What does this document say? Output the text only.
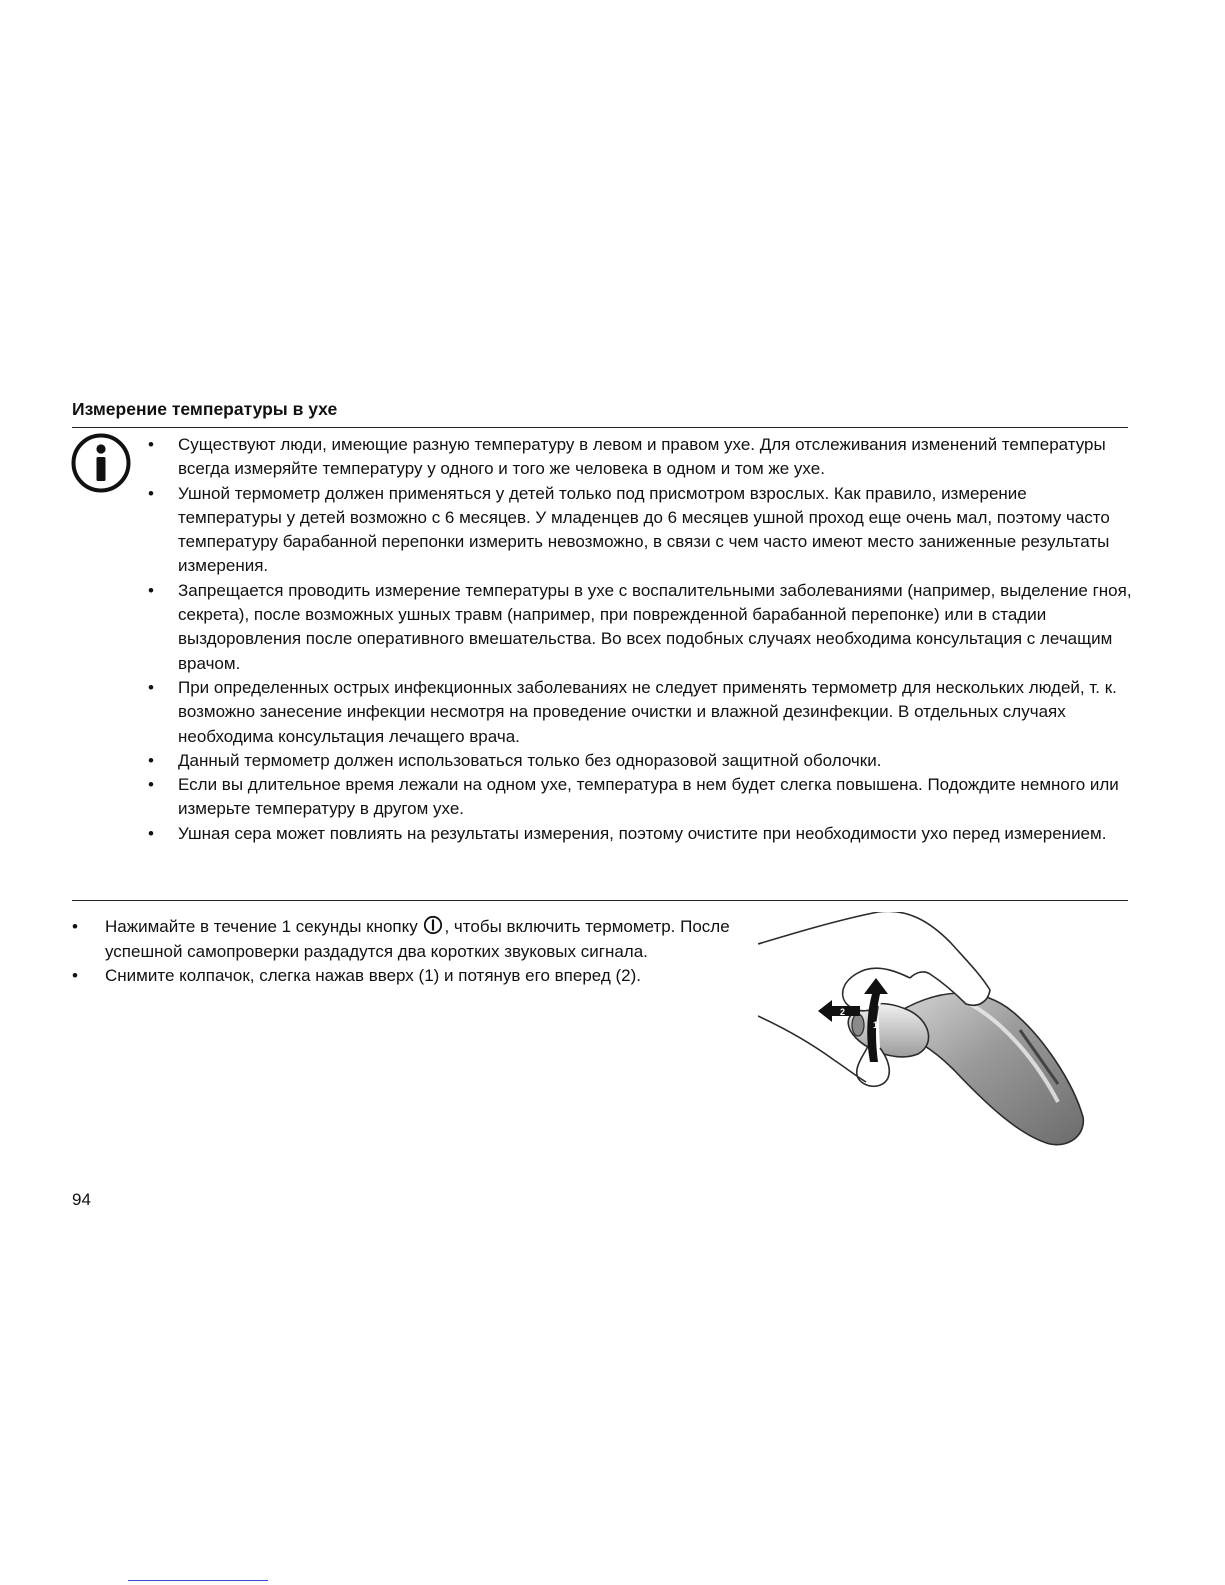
Измерение температуры в ухе
• Существуют люди, имеющие разную температуру в левом и правом ухе. Для отслеживания изменений температуры всегда измеряйте температуру у одного и того же человека в одном и том же ухе.
• Ушной термометр должен применяться у детей только под присмотром взрослых. Как правило, измерение температуры у детей возможно с 6 месяцев. У младенцев до 6 месяцев ушной проход еще очень мал, поэтому часто температуру барабанной перепонки измерить невозможно, в связи с чем часто имеют место заниженные результаты измерения.
• Запрещается проводить измерение температуры в ухе с воспалительными заболеваниями (например, выделение гноя, секрета), после возможных ушных травм (например, при поврежденной барабанной перепонке) или в стадии выздоровления после оперативного вмешательства. Во всех подобных случаях необходима консультация с лечащим врачом.
• При определенных острых инфекционных заболеваниях не следует применять термометр для нескольких людей, т. к. возможно занесение инфекции несмотря на проведение очистки и влажной дезинфекции. В отдельных случаях необходима консультация лечащего врача.
• Данный термометр должен использоваться только без одноразовой защитной оболочки.
• Если вы длительное время лежали на одном ухе, температура в нем будет слегка повышена. Подождите немного или измерьте температуру в другом ухе.
• Ушная сера может повлиять на результаты измерения, поэтому очистите при необходимости ухо перед измерением.
• Нажимайте в течение 1 секунды кнопку , чтобы включить термометр. После успешной самопроверки раздадутся два коротких звуковых сигнала.
• Снимите колпачок, слегка нажав вверх (1) и потянув его вперед (2).
1
2
94
